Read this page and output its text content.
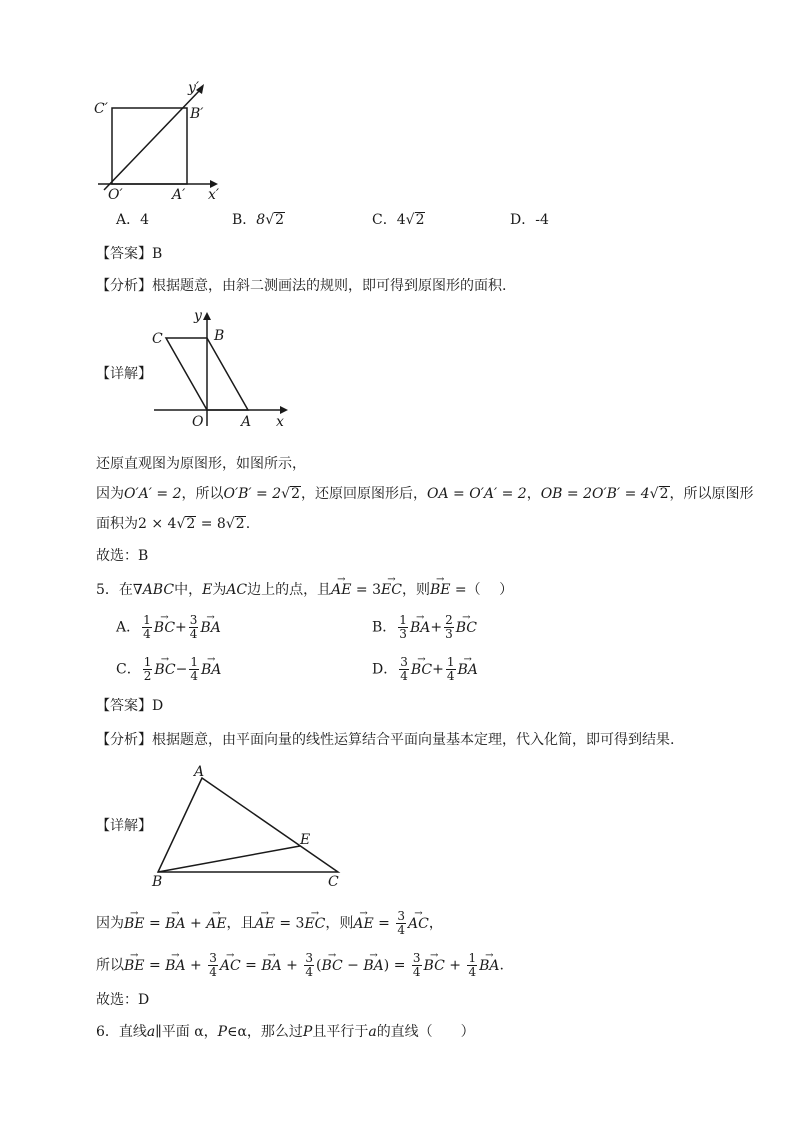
C′	B′
y′
O′	A′ x′
A．4	B．8√2	C．4√2	D．-4
【答案】B
【分析】根据题意，由斜二测画法的规则，即可得到原图形的面积.
【详解】
C	B
y
O	A x
还原直观图为原图形，如图所示，
因为O′A′ = 2，所以O′B′ = 2√2，还原回原图形后，OA = O′A′ = 2，OB = 2O′B′ = 4√2，所以原图形
面积为2 × 4√2 = 8√2.
故选：B
5．在∇ABC中，E为AC边上的点，且→ AE = 3→ EC，则→ BE =（　 ）
A． $\frac{1}{4}$
→ $BC+ \frac{3}{4}$
→ BA	B． $\frac{1}{3}$
→ $BA+ \frac{2}{3}$
→ BC
C． $\frac{1}{2}$
→ $BC- \frac{1}{4}$
→ BA	D． $\frac{3}{4}$
→ $BC+ \frac{1}{4}$
→ BA
【答案】D
【分析】根据题意，由平面向量的线性运算结合平面向量基本定理，代入化简，即可得到结果.
【详解】
A
E
B	C
因为→ BE = → BA + → AE，且→ AE = 3→ EC，则→ AE = $\frac{3}{4}$
→ AC，
所以→ BE = → BA + $\frac{3}{4}$
→ AC = → BA + $\frac{3}{4}$ (→ BC − → $BA) = \frac{3}{4}$
→ BC + $\frac{1}{4}$
→ BA.
故选：D
6．直线a∥平面 α，P∈α，那么过P且平行于a的直线（　　）
